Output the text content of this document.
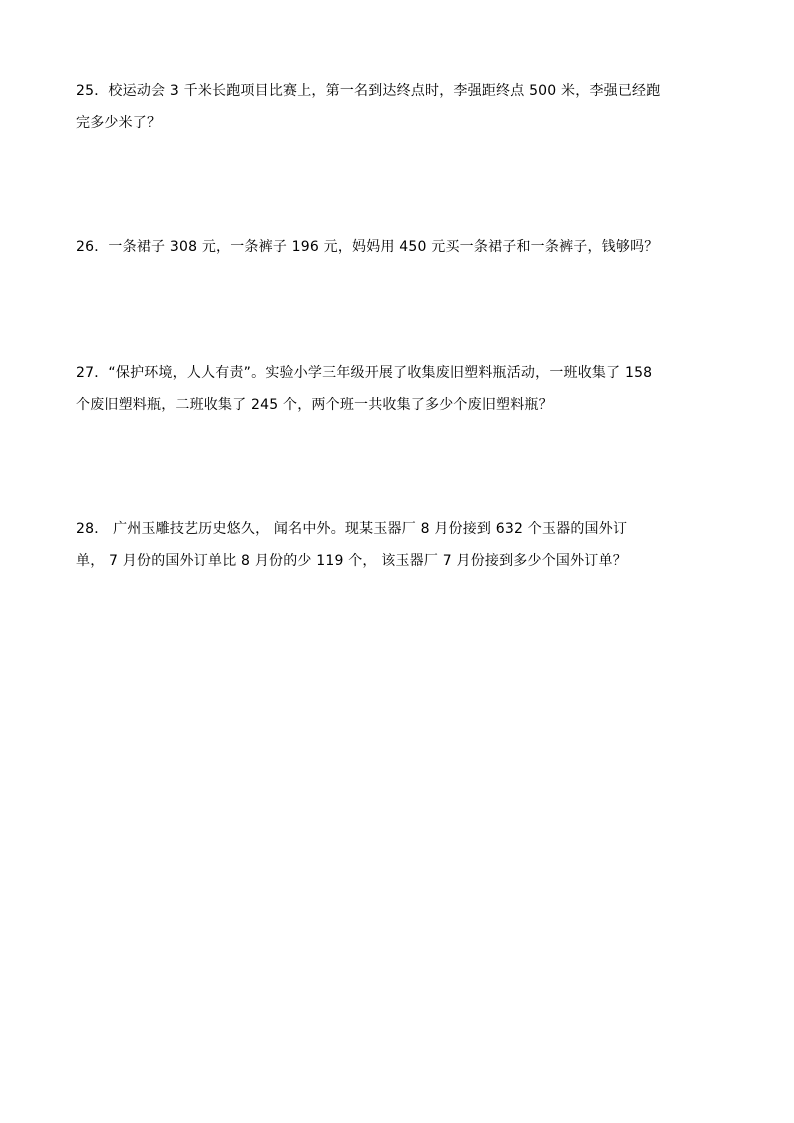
25．校运动会 3 千米长跑项目比赛上，第一名到达终点时，李强距终点 500 米，李强已经跑
完多少米了？
26．一条裙子 308 元，一条裤子 196 元，妈妈用 450 元买一条裙子和一条裤子，钱够吗？
27．“保护环境，人人有责”。实验小学三年级开展了收集废旧塑料瓶活动，一班收集了 158
个废旧塑料瓶，二班收集了 245 个，两个班一共收集了多少个废旧塑料瓶？
28． 广州玉雕技艺历史悠久， 闻名中外。现某玉器厂 8 月份接到 632 个玉器的国外订
单， 7 月份的国外订单比 8 月份的少 119 个， 该玉器厂 7 月份接到多少个国外订单？
